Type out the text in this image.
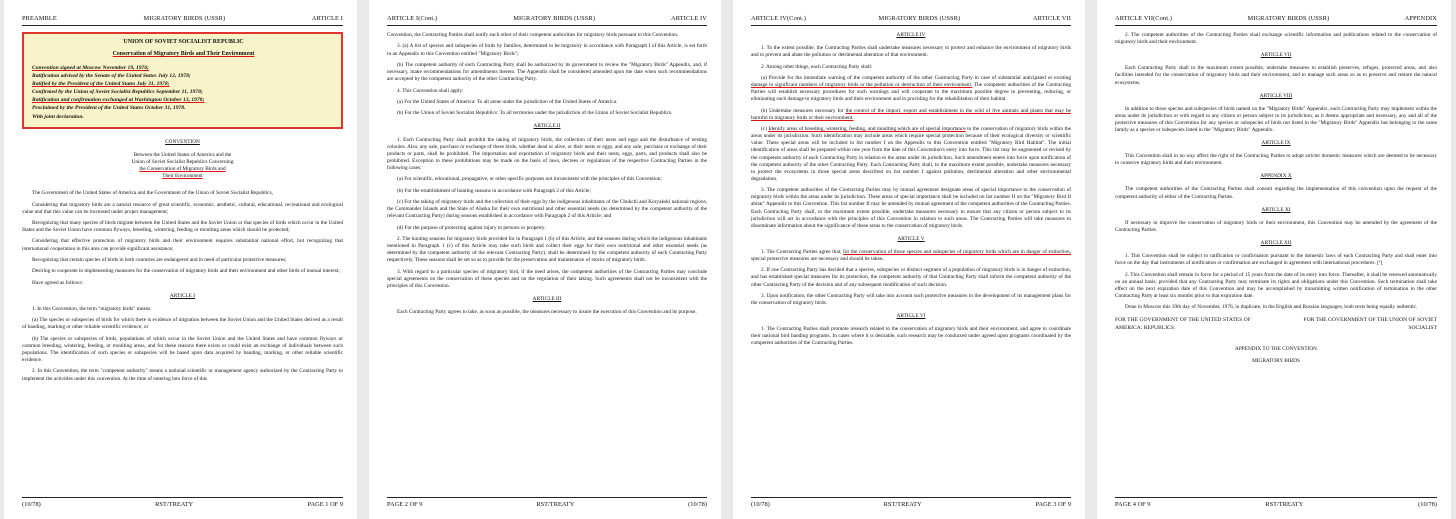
PREAMBLE	MIGRATORY BIRDS (USSR)	ARTICLE I
UNION OF SOVIET SOCIALIST REPUBLIC
Conservation of Migratory Birds and Their Environment
Convention signed at Moscow November 19, 1976;
Ratification advised by the Senate of the United States July 12, 1978;
Ratified by the President of the United States July 31, 1978;
Confirmed by the Union of Soviet Socialist Republics September 11, 1978;
Ratification and confirmation exchanged at Washington October 13, 1978;
Proclaimed by the President of the United States October 31, 1978.
With joint declaration.

CONVENTION

Between the United States of America and the

Union of Soviet Socialist Republics Concerning

the Conservation of Migratory Birds and

Their Environment

The Government of the United States of America and the Government of the Union of Soviet Socialist Republics,

Considering that migratory birds are a natural resource of great scientific, economic, aesthetic, cultural, educational, recreational and ecological value and that this value can be increased under proper management;

Recognizing that many species of birds migrate between the United States and the Soviet Union or that species of birds which occur in the United States and the Soviet Union have common flyways, breeding, wintering, feeding or moulting areas which should be protected;

Considering that effective protection of migratory birds and their environment requires substantial national effort, but recognizing that international cooperation in this area can provide significant assistance;

Recognizing that certain species of birds in both countries are endangered and in need of particular protective measures;

Desiring to cooperate in implementing measures for the conservation of migratory birds and their environment and other birds of mutual interest;

Have agreed as follows:

ARTICLE I

1. In this Convention, the term "migratory birds" means:

(a) The species or subspecies of birds for which there is evidence of migration between the Soviet Union and the United States derived as a result of banding, marking or other reliable scientific evidence; or

(b) The species or subspecies of birds, populations of which occur in the Soviet Union and the United States and have common flyways or common breeding, wintering, feeding, or moulting areas, and for these reasons there exists or could exist an exchange of individuals between such populations. The identification of such species or subspecies will be based upon data acquired by banding, marking, or other reliable scientific evidence.

2. In this Convention, the term "competent authority" means a national scientific or management agency authorized by the Contracting Party to implement the activities under this convention. At the time of entering into force of this

(10/78)	RST/TREATY	PAGE 1 OF 9
ARTICLE I(Cont.)	MIGRATORY BIRDS (USSR)	ARTICLE IV

Convention, the Contracting Parties shall notify each other of their competent authorities for migratory birds pursuant to this Convention.

3. (a) A list of species and subspecies of birds by families, determined to be migratory in accordance with Paragraph I of this Article, is set forth in an Appendix to this Convention entitled "Migratory Birds";

(b) The competent authority of each Contracting Party shall be authorized by its government to review the "Migratory Birds" Appendix, and, if necessary, make recommendations for amendments thereto. The Appendix shall be considered amended upon the date when such recommendations are accepted by the competent authority of the other Contracting Party.

4. This Convention shall apply:

(a) For the United States of America: To all areas under the jurisdiction of the United States of America.

(b) For the Union of Soviet Socialist Republics: To all territories under the jurisdiction of the Union of Soviet Socialist Republics.

ARTICLE II

1. Each Contracting Party shall prohibit the taking of migratory birds, the collection of their nests and eggs and the disturbance of nesting colonies. Also, any sale, purchase or exchange of these birds, whether dead or alive, or their nests or eggs, and any sale, purchase or exchange of their products or parts, shall be prohibited. The importation and exportation of migratory birds and their nests, eggs, parts, and products shall also be prohibited. Exception to these prohibitions may be made on the basis of laws, decrees or regulations of the respective Contracting Parties in the following cases:

(a) For scientific, educational, propagative, or other specific purposes not inconsistent with the principles of this Convention;

(b) For the establishment of hunting seasons in accordance with Paragraph 2 of this Article;

(c) For the taking of migratory birds and the collection of their eggs by the indigenous inhabitants of the Chukchi and Koryakski national regions, the Commander Islands and the State of Alaska for their own nutritional and other essential needs (as determined by the competent authority of the relevant Contracting Party) during seasons established in accordance with Paragraph 2 of this Article; and

(d) For the purpose of protecting against injury to persons or property.

2. The hunting seasons for migratory birds provided for in Paragraph 1 (b) of this Article, and the seasons during which the indigenous inhabitants mentioned in Paragraph 1 (c) of this Article may take such birds and collect their eggs for their own nutritional and other essential needs (as determined by the competent authority of the relevant Contracting Party), shall be determined by the competent authority of each Contracting Party respectively. These seasons shall be set so as to provide for the preservation and maintenance of stocks of migratory birds.

3. With regard to a particular species of migratory bird, if the need arises, the competent authorities of the Contracting Parties may conclude special agreements on the conservation of these species and on the regulation of their taking. Such agreements shall not be inconsistent with the principles of this Convention.

ARTICLE III

Each Contracting Party agrees to take, as soon as possible, the measures necessary to insure the execution of this Convention and its purpose.

PAGE 2 OF 9	RST/TREATY	(10/78)
ARTICLE IV(Cont.)	MIGRATORY BIRDS (USSR)	ARTICLE VII

ARTICLE IV

1. To the extent possible, the Contracting Parties shall undertake measures necessary to protect and enhance the environment of migratory birds and to prevent and abate the pollution or detrimental alteration of that environment.

2. Among other things, each Contracting Party shall:

(a) Provide for the immediate warning of the competent authority of the other Contracting Party in case of substantial anticipated or existing damage to significant numbers of migratory birds or the pollution or destruction of their environment. The competent authorities of the Contracting Parties will establish necessary procedures for such warnings and will cooperate to the maximum possible degree in preventing, reducing, or eliminating such damage to migratory birds and their environment and in providing for the rehabilitation of their habitat.

(b) Undertake measures necessary for the control of the import, export and establishment in the wild of live animals and plants that may be harmful to migratory birds or their environment.

(c) Identify areas of breeding, wintering, feeding, and moulting which are of special importance to the conservation of migratory birds within the areas under its jurisdiction. Such identification may include areas which require special protection because of their ecological diversity or scientific value. These special areas will be included in list number I on the Appendix to this Convention entitled "Migratory Bird Habitat". The initial identification of areas shall be prepared within one year from the date of this Convention's entry into force. This list may be augmented or revised by the competent authority of each Contracting Party in relation to the areas under its jurisdiction. Such amendment enters into force upon notification of the competent authority of the other Contracting Party. Each Contracting Party shall, to the maximum extent possible, undertake measures necessary to protect the ecosystems in those special areas described on list number I against pollution, detrimental alteration and other environmental degradation.

3. The competent authorities of the Contracting Parties may by mutual agreement designate areas of special importance to the conservation of migratory birds within the areas under its jurisdiction. These areas of special importance shall be included on list number II on the "Migratory Bird II abitat" Appendix to this Convention. This list number II may be amended by mutual agreement of the competent authorities of the Contracting Parties. Each Contracting Party shall, to the maximum extent possible, undertake measures necessary to ensure that any citizen or person subject to its jurisdiction will act in accordance with the principles of this Convention in relation to such areas. The Contracting Parties will take measures to disseminate information about the significance of these areas to the conservation of migratory birds.

ARTICLE V

1. The Contracting Parties agree that, for the conservation of those species and subspecies of migratory birds which are in danger of extinction, special protective measures are necessary and should be taken.

2. If one Contracting Party has decided that a species, subspecies or distinct segment of a population of migratory birds is in danger of extinction, and has established special measures for its protection, the competent authority of that Contracting Party shall inform the competent authority of the other Contracting Party of the decision and of any subsequent modification of such decision.

3. Upon notification, the other Contracting Party will take into account such protective measures in the development of its management plans for the conservation of migratory birds.

ARTICLE VI

1. The Contracting Parties shall promote research related to the conservation of migratory birds and their environment, and agree to coordinate their national bird banding programs. In cases where it is desirable, such research may be conducted under agreed upon programs coordinated by the competent authorities of the Contracting Parties.

(10/78)	RST/TREATY	PAGE 3 OF 9
ARTICLE VII(Cont.)	MIGRATORY BIRDS (USSR)	APPENDIX

2. The competent authorities of the Contracting Parties shall exchange scientific information and publications related to the conservation of migratory birds and their environment.

ARTICLE VII

Each Contracting Party shall to the maximum extent possible, undertake measures to establish preserves, refuges, protected areas, and also facilities intended for the conservation of migratory birds and their environment, and to manage such areas so as to preserve and restore the natural ecosystems.

ARTICLE VIII

In addition to those species and subspecies of birds named on the "Migratory Birds" Appendix, each Contracting Party may implement within the areas under its jurisdiction or with regard to any citizen or person subject to its jurisdiction, as it deems appropriate and necessary, any and all of the protective measures of this Convention for any species or subspecies of birds not listed in the "Migratory Birds" Appendix but belonging to the same family as a species or subspecies listed in the "Migratory Birds" Appendix.

ARTICLE IX

This Convention shall in no way affect the right of the Contracting Parties to adopt stricter domestic measures which are deemed to be necessary to conserve migratory birds and their environment.

APPENDIX X

The competent authorities of the Contracting Parties shall consult regarding the implementation of this convention upon the request of the competent authority of either of the Contracting Parties.

ARTICLE XI

If necessary to improve the conservation of migratory birds or their environment, this Convention may be amended by the agreement of the Contracting Parties.

ARTICLE XII

1. This Convention shall be subject to ratification or confirmation pursuant to the domestic laws of each Contracting Party and shall enter into force on the day that instruments of notification or confirmation are exchanged in agreement with international procedures. [¹]

2. This Convention shall remain in force for a period of 15 years from the date of its entry into force. Thereafter, it shall be renewed automatically on an annual basis, provided that any Contracting Party may terminate its rights and obligations under this Convention. Such termination shall take effect on the next expiration date of this Convention and may be accomplished by transmitting written notification of termination to the other Contracting Party at least six months prior to that expiration date.

Done in Moscow this 19th day of November, 1976, in duplicate, in the English and Russian languages, both texts being equally authentic.

FOR THE GOVERNMENT OF THE UNITED STATES OF AMERICA: REPUBLICS:
FOR THE GOVERNMENT OF THE UNION OF SOVIET SOCIALIST

APPENDIX TO THE CONVENTION

MIGRATORY BIRDS

PAGE 4 OF 9	RST/TREATY	(10/78)
